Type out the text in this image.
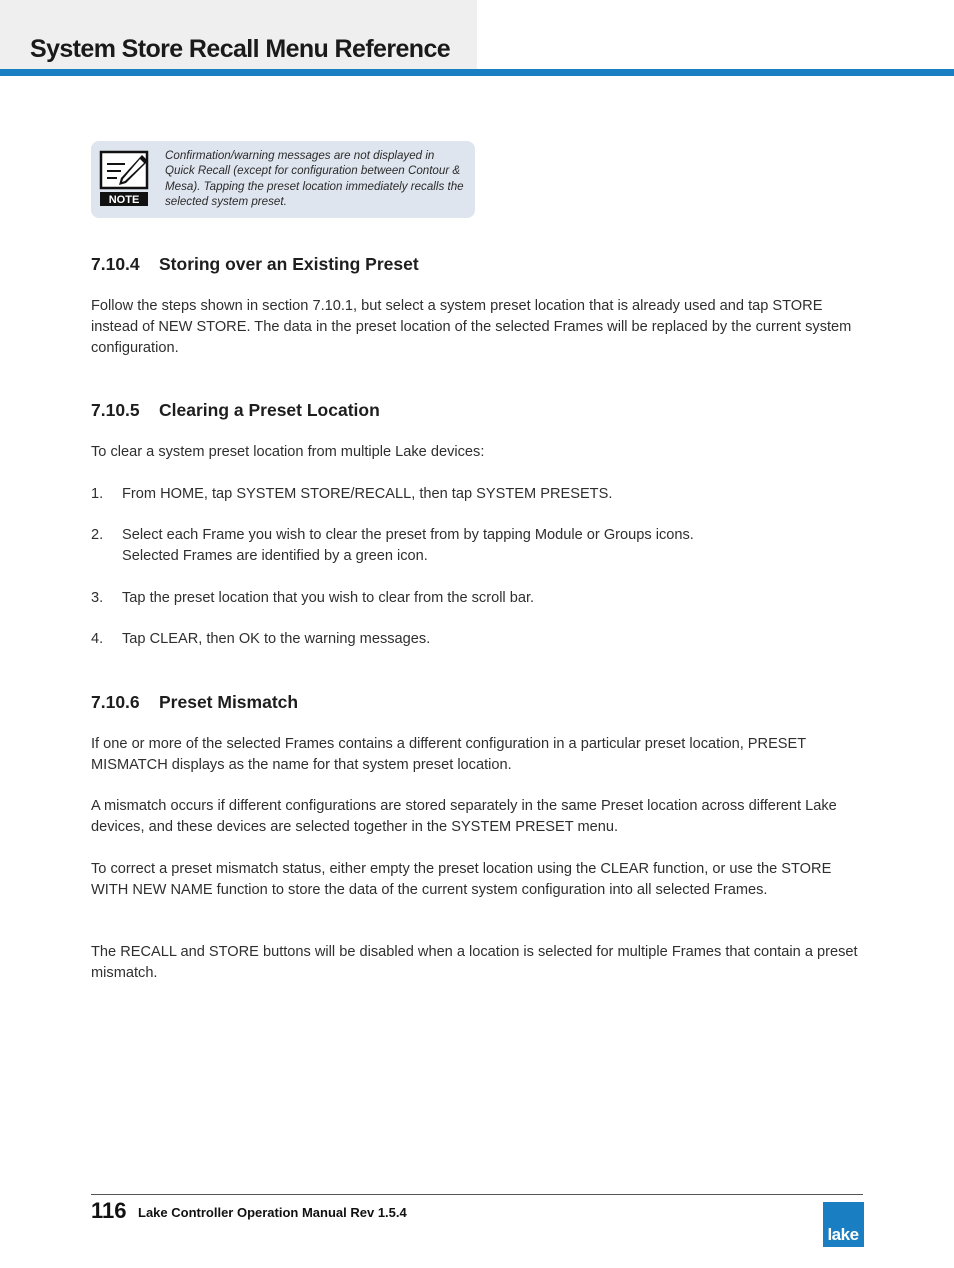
System Store Recall Menu Reference
NOTE
Confirmation/warning messages are not displayed in Quick Recall (except for configuration between Contour & Mesa). Tapping the preset location immediately recalls the selected system preset.
7.10.4 Storing over an Existing Preset

Follow the steps shown in section 7.10.1, but select a system preset location that is already used and tap STORE instead of NEW STORE. The data in the preset location of the selected Frames will be replaced by the current system configuration.

7.10.5 Clearing a Preset Location

To clear a system preset location from multiple Lake devices:

1.	From HOME, tap SYSTEM STORE/RECALL, then tap SYSTEM PRESETS.
2.	Select each Frame you wish to clear the preset from by tapping Module or Groups icons.
Selected Frames are identified by a green icon.
3.	Tap the preset location that you wish to clear from the scroll bar.
4.	Tap CLEAR, then OK to the warning messages.
7.10.6 Preset Mismatch

If one or more of the selected Frames contains a different configuration in a particular preset location, PRESET MISMATCH displays as the name for that system preset location.

A mismatch occurs if different configurations are stored separately in the same Preset location across different Lake devices, and these devices are selected together in the SYSTEM PRESET menu.

To correct a preset mismatch status, either empty the preset location using the CLEAR function, or use the STORE WITH NEW NAME function to store the data of the current system configuration into all selected Frames.

The RECALL and STORE buttons will be disabled when a location is selected for multiple Frames that contain a preset mismatch.

116 Lake Controller Operation Manual Rev 1.5.4
lake
